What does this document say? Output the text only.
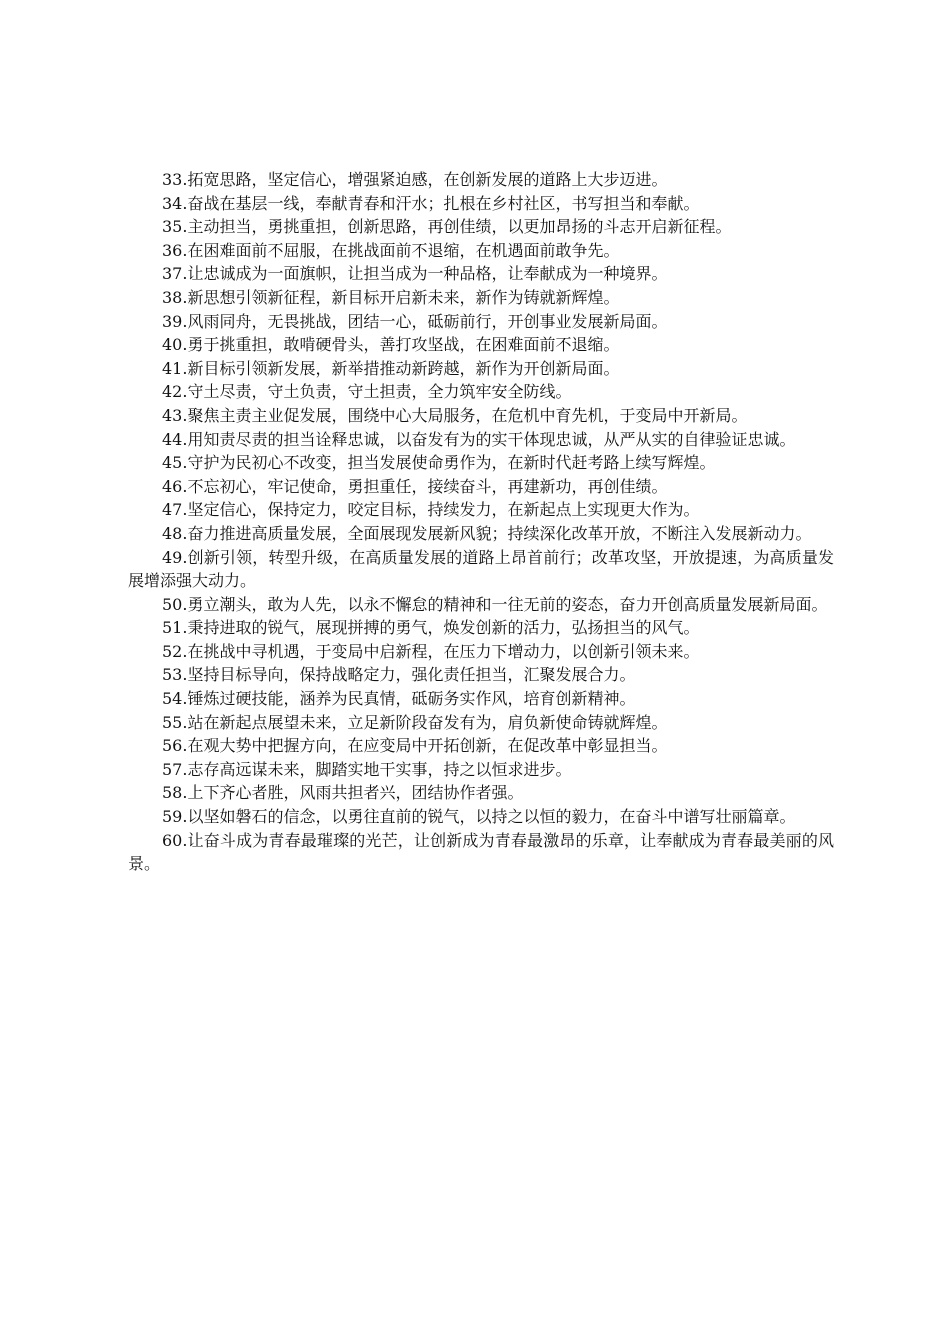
33.拓宽思路，坚定信心，增强紧迫感，在创新发展的道路上大步迈进。

34.奋战在基层一线，奉献青春和汗水；扎根在乡村社区，书写担当和奉献。

35.主动担当，勇挑重担，创新思路，再创佳绩，以更加昂扬的斗志开启新征程。

36.在困难面前不屈服，在挑战面前不退缩，在机遇面前敢争先。

37.让忠诚成为一面旗帜，让担当成为一种品格，让奉献成为一种境界。

38.新思想引领新征程，新目标开启新未来，新作为铸就新辉煌。

39.风雨同舟，无畏挑战，团结一心，砥砺前行，开创事业发展新局面。

40.勇于挑重担，敢啃硬骨头，善打攻坚战，在困难面前不退缩。

41.新目标引领新发展，新举措推动新跨越，新作为开创新局面。

42.守土尽责，守土负责，守土担责，全力筑牢安全防线。

43.聚焦主责主业促发展，围绕中心大局服务，在危机中育先机，于变局中开新局。

44.用知责尽责的担当诠释忠诚，以奋发有为的实干体现忠诚，从严从实的自律验证忠诚。

45.守护为民初心不改变，担当发展使命勇作为，在新时代赶考路上续写辉煌。

46.不忘初心，牢记使命，勇担重任，接续奋斗，再建新功，再创佳绩。

47.坚定信心，保持定力，咬定目标，持续发力，在新起点上实现更大作为。

48.奋力推进高质量发展，全面展现发展新风貌；持续深化改革开放，不断注入发展新动力。

49.创新引领，转型升级，在高质量发展的道路上昂首前行；改革攻坚，开放提速，为高质量发展增添强大动力。

50.勇立潮头，敢为人先，以永不懈怠的精神和一往无前的姿态，奋力开创高质量发展新局面。

51.秉持进取的锐气，展现拼搏的勇气，焕发创新的活力，弘扬担当的风气。

52.在挑战中寻机遇，于变局中启新程，在压力下增动力，以创新引领未来。

53.坚持目标导向，保持战略定力，强化责任担当，汇聚发展合力。

54.锤炼过硬技能，涵养为民真情，砥砺务实作风，培育创新精神。

55.站在新起点展望未来，立足新阶段奋发有为，肩负新使命铸就辉煌。

56.在观大势中把握方向，在应变局中开拓创新，在促改革中彰显担当。

57.志存高远谋未来，脚踏实地干实事，持之以恒求进步。

58.上下齐心者胜，风雨共担者兴，团结协作者强。

59.以坚如磐石的信念，以勇往直前的锐气，以持之以恒的毅力，在奋斗中谱写壮丽篇章。

60.让奋斗成为青春最璀璨的光芒，让创新成为青春最激昂的乐章，让奉献成为青春最美丽的风景。
